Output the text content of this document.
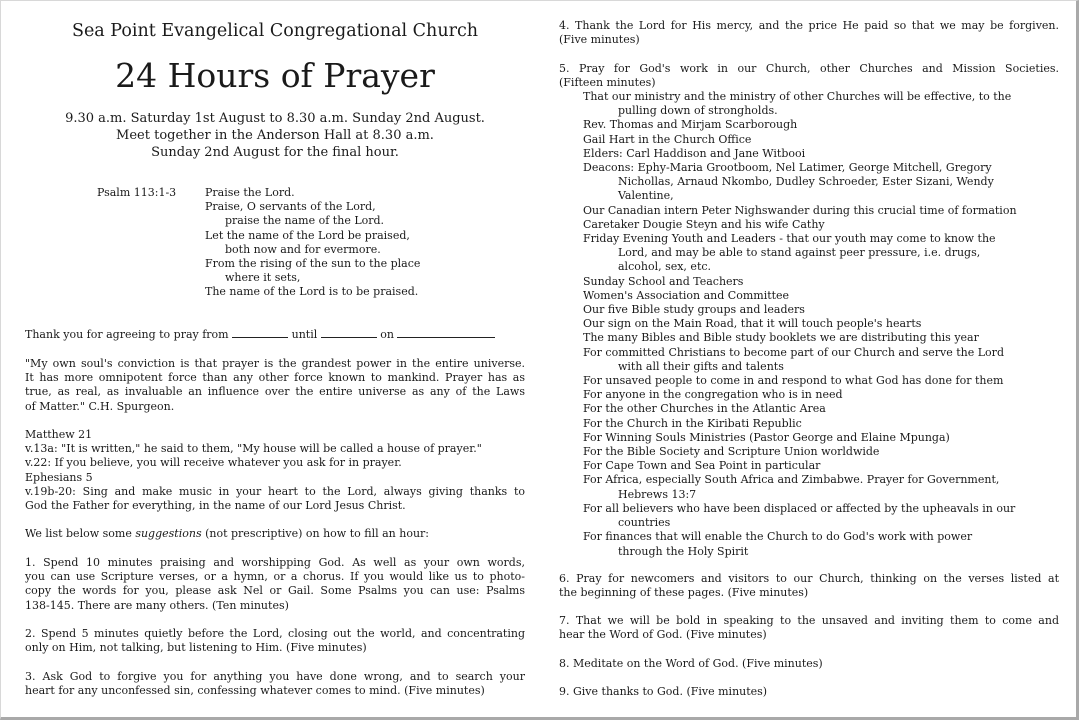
Sea Point Evangelical Congregational Church
24 Hours of Prayer
9.30 a.m. Saturday 1st August to 8.30 a.m. Sunday 2nd August.
Meet together in the Anderson Hall at 8.30 a.m.
Sunday 2nd August for the final hour.
Psalm 113:1-3	Praise the Lord.
Praise, O servants of the Lord,
praise the name of the Lord.
Let the name of the Lord be praised,
both now and for evermore.
From the rising of the sun to the place
where it sets,
The name of the Lord is to be praised.
Thank you for agreeing to pray from	until	on
"My own soul's conviction is that prayer is the grandest power in the entire universe.
It has more omnipotent force than any other force known to mankind. Prayer has as
true, as real, as invaluable an influence over the entire universe as any of the Laws
of Matter." C.H. Spurgeon.
Matthew 21
v.13a: "It is written," he said to them, "My house will be called a house of prayer."
v.22: If you believe, you will receive whatever you ask for in prayer.
Ephesians 5
v.19b-20: Sing and make music in your heart to the Lord, always giving thanks to
God the Father for everything, in the name of our Lord Jesus Christ.
We list below some suggestions (not prescriptive) on how to fill an hour:
1. Spend 10 minutes praising and worshipping God. As well as your own words,
you can use Scripture verses, or a hymn, or a chorus. If you would like us to photo-
copy the words for you, please ask Nel or Gail. Some Psalms you can use: Psalms
138-145. There are many others. (Ten minutes)
2. Spend 5 minutes quietly before the Lord, closing out the world, and concentrating
only on Him, not talking, but listening to Him. (Five minutes)
3. Ask God to forgive you for anything you have done wrong, and to search your
heart for any unconfessed sin, confessing whatever comes to mind. (Five minutes)
4. Thank the Lord for His mercy, and the price He paid so that we may be forgiven.
(Five minutes)
5. Pray for God's work in our Church, other Churches and Mission Societies.
(Fifteen minutes)
That our ministry and the ministry of other Churches will be effective, to the
pulling down of strongholds.
Rev. Thomas and Mirjam Scarborough
Gail Hart in the Church Office
Elders: Carl Haddison and Jane Witbooi
Deacons: Ephy-Maria Grootboom, Nel Latimer, George Mitchell, Gregory
Nichollas, Arnaud Nkombo, Dudley Schroeder, Ester Sizani, Wendy
Valentine,
Our Canadian intern Peter Nighswander during this crucial time of formation
Caretaker Dougie Steyn and his wife Cathy
Friday Evening Youth and Leaders - that our youth may come to know the
Lord, and may be able to stand against peer pressure, i.e. drugs,
alcohol, sex, etc.
Sunday School and Teachers
Women's Association and Committee
Our five Bible study groups and leaders
Our sign on the Main Road, that it will touch people's hearts
The many Bibles and Bible study booklets we are distributing this year
For committed Christians to become part of our Church and serve the Lord
with all their gifts and talents
For unsaved people to come in and respond to what God has done for them
For anyone in the congregation who is in need
For the other Churches in the Atlantic Area
For the Church in the Kiribati Republic
For Winning Souls Ministries (Pastor George and Elaine Mpunga)
For the Bible Society and Scripture Union worldwide
For Cape Town and Sea Point in particular
For Africa, especially South Africa and Zimbabwe. Prayer for Government,
Hebrews 13:7
For all believers who have been displaced or affected by the upheavals in our
countries
For finances that will enable the Church to do God's work with power
through the Holy Spirit
6. Pray for newcomers and visitors to our Church, thinking on the verses listed at
the beginning of these pages. (Five minutes)
7. That we will be bold in speaking to the unsaved and inviting them to come and
hear the Word of God. (Five minutes)
8. Meditate on the Word of God. (Five minutes)
9. Give thanks to God. (Five minutes)
